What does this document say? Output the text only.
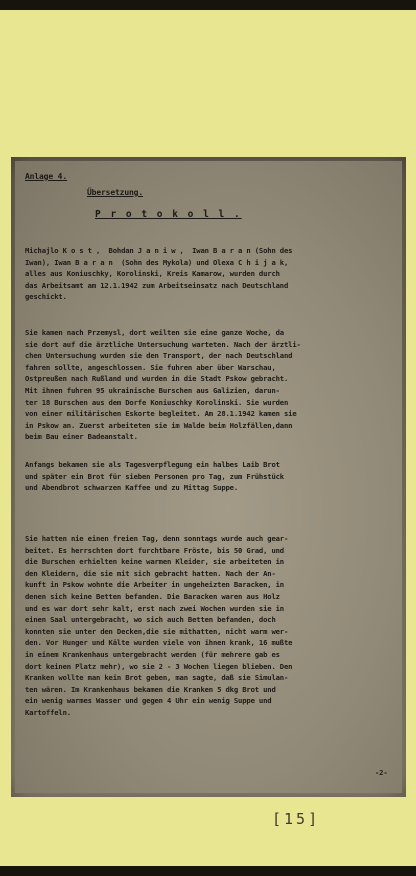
Anlage 4.

Übersetzung.

P r o t o k o l l .

Michajlo K o s t ,  Bohdan J a n i w ,  Iwan B a r a n (Sohn des
Iwan), Iwan B a r a n  (Sohn des Mykola) und Olexa C h i j a k,
alles aus Koniuschky, Korolinski, Kreis Kamarow, wurden durch
das Arbeitsamt am 12.1.1942 zum Arbeitseinsatz nach Deutschland
geschickt.

Sie kamen nach Przemysl, dort weilten sie eine ganze Woche, da
sie dort auf die ärztliche Untersuchung warteten. Nach der ärztli-
chen Untersuchung wurden sie den Transport, der nach Deutschland
fahren sollte, angeschlossen. Sie fuhren aber über Warschau,
Ostpreußen nach Rußland und wurden in die Stadt Pskow gebracht.
Mit ihnen fuhren 95 ukrainische Burschen aus Galizien, darun-
ter 18 Burschen aus dem Dorfe Koniuschky Korolinski. Sie wurden
von einer militärischen Eskorte begleitet. Am 28.1.1942 kamen sie
in Pskow an. Zuerst arbeiteten sie im Walde beim Holzfällen,dann
beim Bau einer Badeanstalt.

Anfangs bekamen sie als Tagesverpflegung ein halbes Laib Brot
und später ein Brot für sieben Personen pro Tag, zum Frühstück
und Abendbrot schwarzen Kaffee und zu Mittag Suppe.

Sie hatten nie einen freien Tag, denn sonntags wurde auch gear-
beitet. Es herrschten dort furchtbare Fröste, bis 50 Grad, und
die Burschen erhielten keine warmen Kleider, sie arbeiteten in
den Kleidern, die sie mit sich gebracht hatten. Nach der An-
kunft in Pskow wohnte die Arbeiter in ungeheizten Baracken, in
denen sich keine Betten befanden. Die Baracken waren aus Holz
und es war dort sehr kalt, erst nach zwei Wochen wurden sie in
einen Saal untergebracht, wo sich auch Betten befanden, doch
konnten sie unter den Decken,die sie mithatten, nicht warm wer-
den. Vor Hunger und Kälte wurden viele von ihnen krank, 16 mußte
in einem Krankenhaus untergebracht werden (für mehrere gab es
dort keinen Platz mehr), wo sie 2 - 3 Wochen liegen blieben. Den
Kranken wollte man kein Brot geben, man sagte, daß sie Simulan-
ten wären. Im Krankenhaus bekamen die Kranken 5 dkg Brot und
ein wenig warmes Wasser und gegen 4 Uhr ein wenig Suppe und
Kartoffeln.

-2-

[15]
